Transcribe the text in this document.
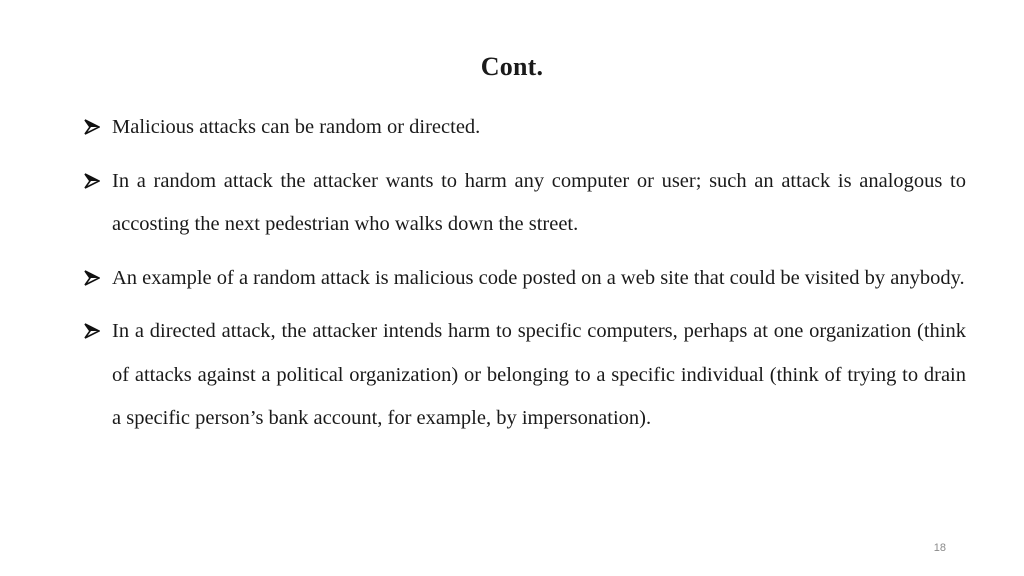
Cont.
Malicious attacks can be random or directed.
In a random attack the attacker wants to harm any computer or user; such an attack is analogous to accosting the next pedestrian who walks down the street.
An example of a random attack is malicious code posted on a web site that could be visited by anybody.
In a directed attack, the attacker intends harm to specific computers, perhaps at one organization (think of attacks against a political organization) or belonging to a specific individual (think of trying to drain a specific person’s bank account, for example, by impersonation).
18
